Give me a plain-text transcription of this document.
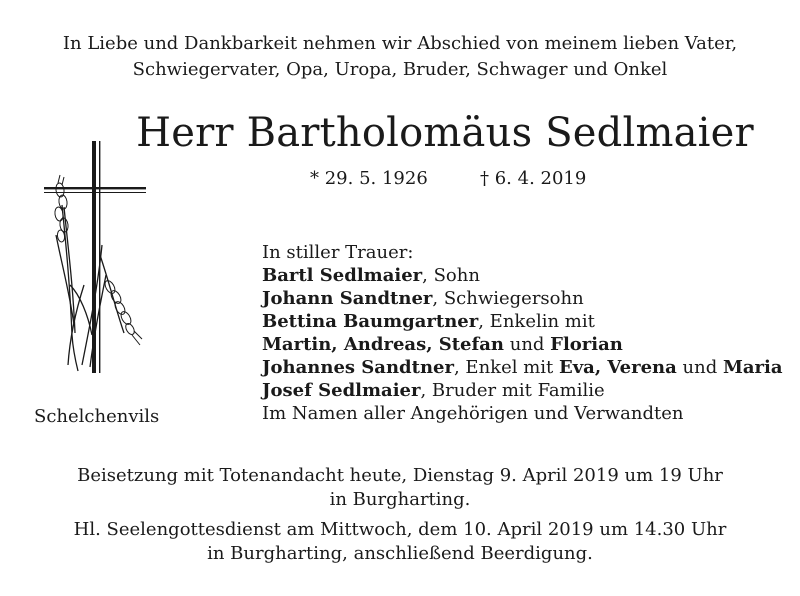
In Liebe und Dankbarkeit nehmen wir Abschied von meinem lieben Vater,
Schwiegervater, Opa, Uropa, Bruder, Schwager und Onkel
Herr Bartholomäus Sedlmaier
* 29. 5. 1926	† 6. 4. 2019
Schelchenvils
In stiller Trauer:
Bartl Sedlmaier, Sohn
Johann Sandtner, Schwiegersohn
Bettina Baumgartner, Enkelin mit
Martin, Andreas, Stefan und Florian
Johannes Sandtner, Enkel mit Eva, Verena und Maria
Josef Sedlmaier, Bruder mit Familie
Im Namen aller Angehörigen und Verwandten
Beisetzung mit Totenandacht heute, Dienstag 9. April 2019 um 19 Uhr
in Burgharting.
Hl. Seelengottesdienst am Mittwoch, dem 10. April 2019 um 14.30 Uhr
in Burgharting, anschließend Beerdigung.
